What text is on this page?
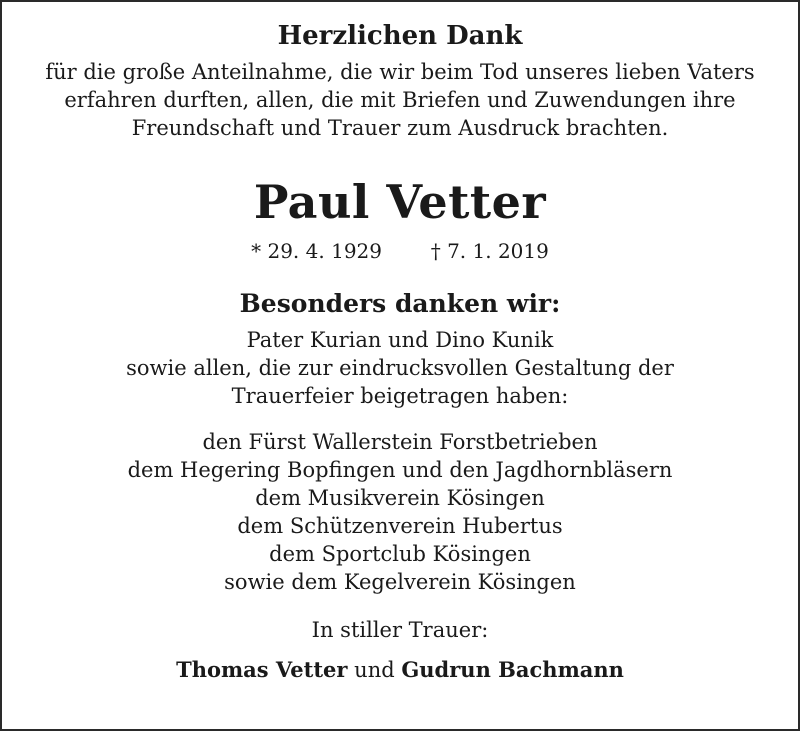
Herzlichen Dank

für die große Anteilnahme, die wir beim Tod unseres lieben Vaters
erfahren durften, allen, die mit Briefen und Zuwendungen ihre
Freundschaft und Trauer zum Ausdruck brachten.

Paul Vetter
* 29. 4. 1929 † 7. 1. 2019
Besonders danken wir:

Pater Kurian und Dino Kunik
sowie allen, die zur eindrucksvollen Gestaltung der
Trauerfeier beigetragen haben:

den Fürst Wallerstein Forstbetrieben
dem Hegering Bopfingen und den Jagdhornbläsern
dem Musikverein Kösingen
dem Schützenverein Hubertus
dem Sportclub Kösingen
sowie dem Kegelverein Kösingen

In stiller Trauer:

Thomas Vetter und Gudrun Bachmann
